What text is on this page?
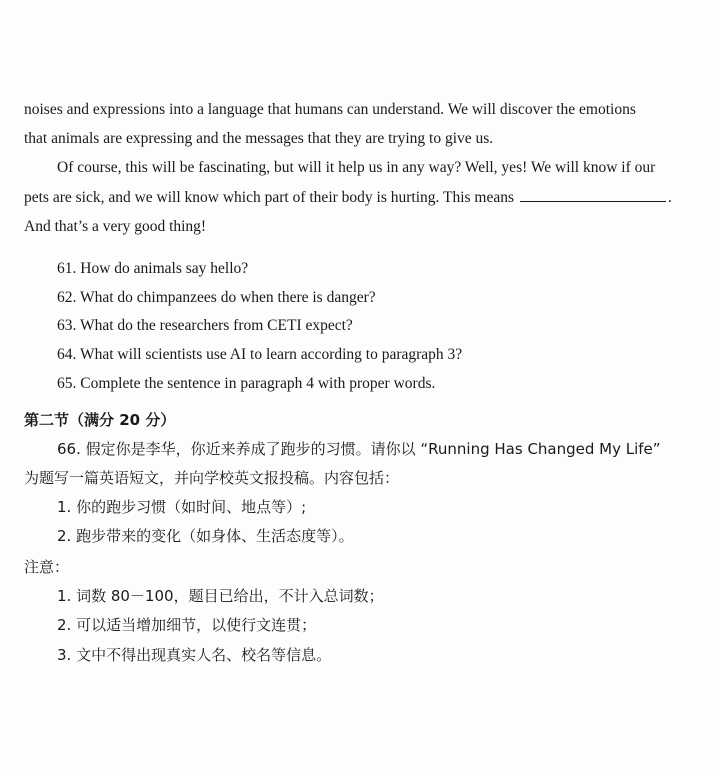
noises and expressions into a language that humans can understand. We will discover the emotions
that animals are expressing and the messages that they are trying to give us.
Of course, this will be fascinating, but will it help us in any way? Well, yes! We will know if our
pets are sick, and we will know which part of their body is hurting. This means	.
And that’s a very good thing!
61. How do animals say hello?
62. What do chimpanzees do when there is danger?
63. What do the researchers from CETI expect?
64. What will scientists use AI to learn according to paragraph 3?
65. Complete the sentence in paragraph 4 with proper words.
第二节（满分 20 分）
66. 假定你是李华，你近来养成了跑步的习惯。请你以 “Running Has Changed My Life”
为题写一篇英语短文，并向学校英文报投稿。内容包括：
1. 你的跑步习惯（如时间、地点等）;
2. 跑步带来的变化（如身体、生活态度等）。
注意：
1. 词数 80－100，题目已给出，不计入总词数；
2. 可以适当增加细节，以使行文连贯；
3. 文中不得出现真实人名、校名等信息。
